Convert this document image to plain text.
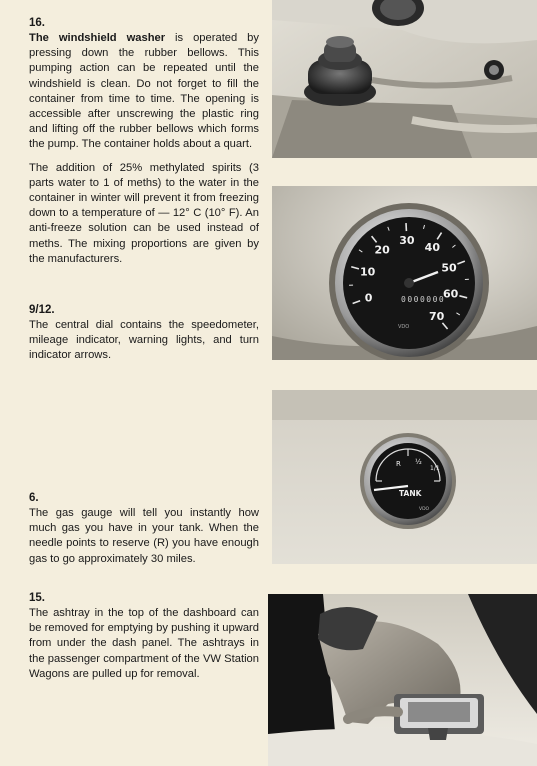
16.

The windshield washer is operated by pressing down the rubber bellows. This pumping action can be repeated until the windshield is clean. Do not forget to fill the container from time to time. The opening is accessible after unscrewing the plastic ring and lifting off the rubber bellows which forms the pump. The container holds about a quart.

The addition of 25% methylated spirits (3 parts water to 1 of meths) to the water in the container in winter will prevent it from freezing down to a temperature of — 12° C (10° F). An anti-freeze solution can be used instead of meths. The mixing proportions are given by the manufacturers.

9/12.

The central dial contains the speedometer, mileage indicator, warning lights, and turn indicator arrows.

6.

The gas gauge will tell you instantly how much gas you have in your tank. When the needle points to reserve (R) you have enough gas to go approximately 30 miles.

15.

The ashtray in the top of the dashboard can be removed for emptying by pushing it upward from under the dash panel. The ashtrays in the passenger compartment of the VW Station Wagons are pulled up for removal.

0
10
20
30
40
50
60
70
0000000
VDO
R ½
1/1
TANK
VDO
